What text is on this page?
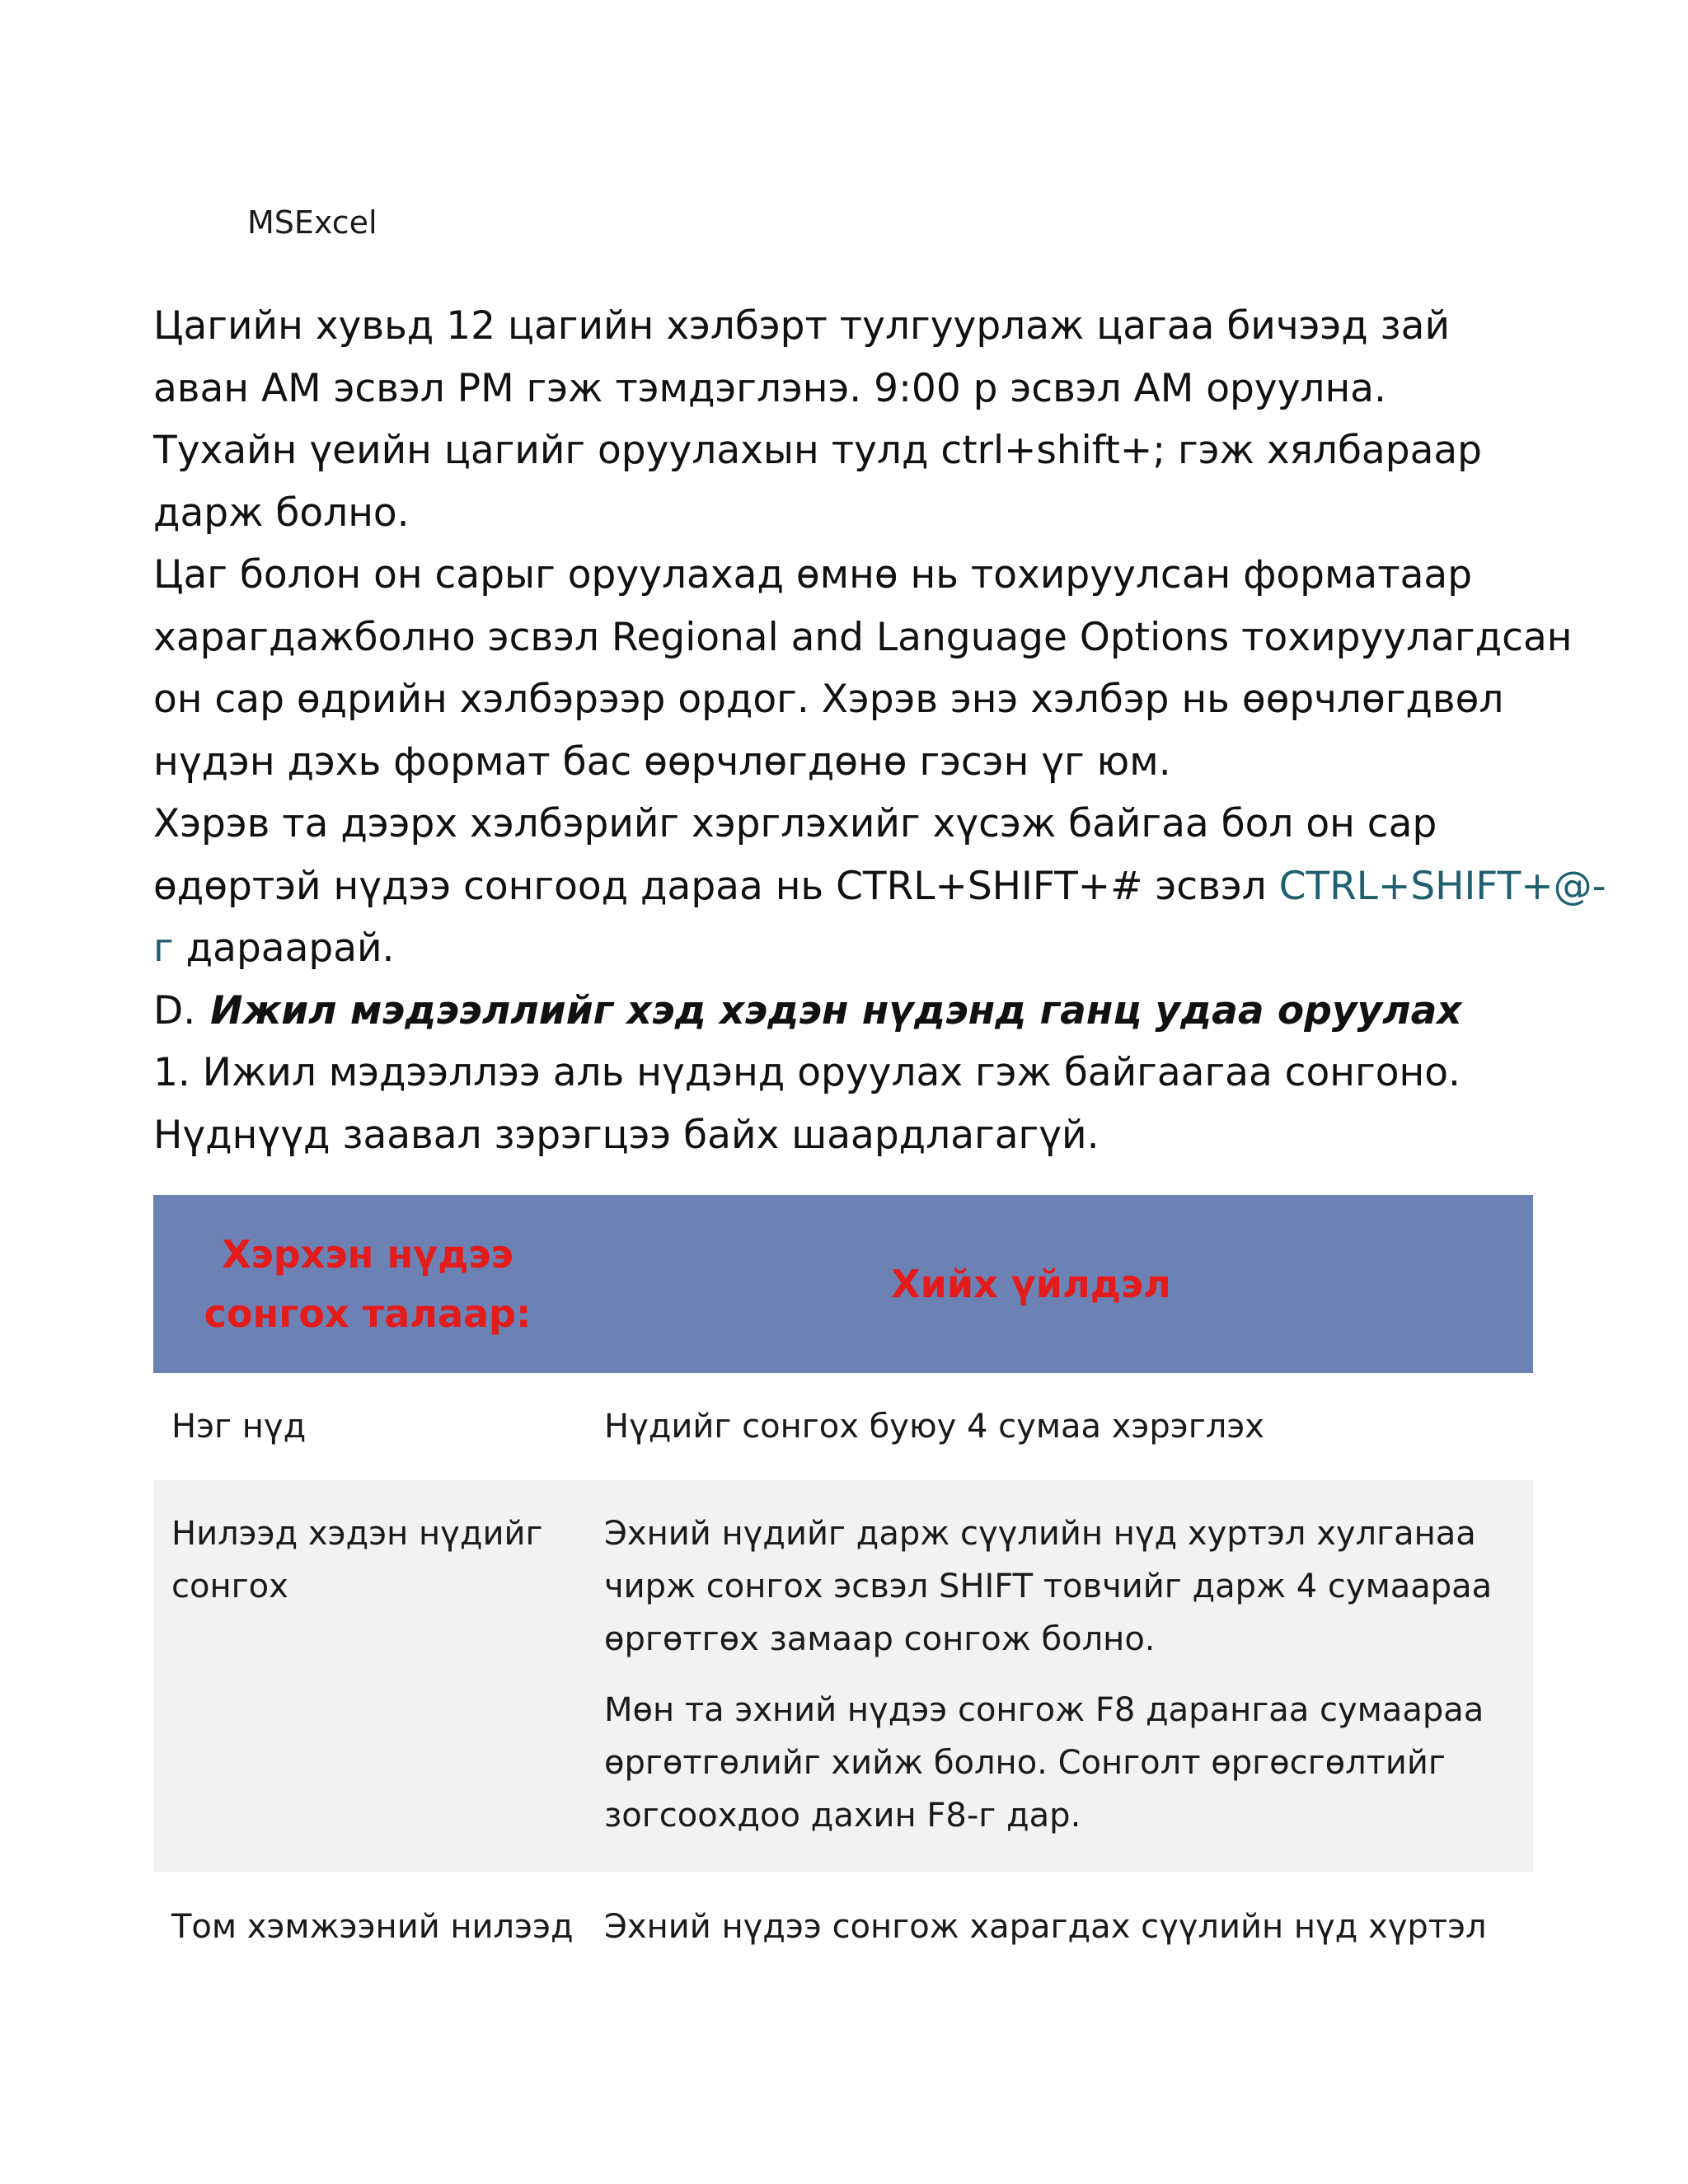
MSExcel

Цагийн хувьд 12 цагийн хэлбэрт тулгуурлаж цагаа бичээд зай

аван AM эсвэл PM гэж тэмдэглэнэ. 9:00 p эсвэл AM оруулна.

Тухайн үеийн цагийг оруулахын тулд ctrl+shift+; гэж хялбараар

дарж болно.

Цаг болон он сарыг оруулахад өмнө нь тохируулсан форматаар

харагдажболно эсвэл Regional and Language Options тохируулагдсан

он сар өдрийн хэлбэрээр ордог. Хэрэв энэ хэлбэр нь өөрчлөгдвөл

нүдэн дэхь формат бас өөрчлөгдөнө гэсэн үг юм.

Хэрэв та дээрх хэлбэрийг хэрглэхийг хүсэж байгаа бол он сар

өдөртэй нүдээ сонгоод дараа нь CTRL+SHIFT+# эсвэл CTRL+SHIFT+@-

г дараарай.

D. Ижил мэдээллийг хэд хэдэн нүдэнд ганц удаа оруулах

1. Ижил мэдээллээ аль нүдэнд оруулах гэж байгаагаа сонгоно.

Нүднүүд заавал зэрэгцээ байх шаардлагагүй.

Хэрхэн нүдээ
сонгох талаар:
Хийх үйлдэл
Нэг нүд	Нүдийг сонгох буюу 4 сумаа хэрэглэх

Нилээд хэдэн нүдийг сонгох

Эхний нүдийг дарж сүүлийн нүд хуртэл хулганаа чирж сонгох эсвэл SHIFT товчийг дарж 4 сумаараа өргөтгөх замаар сонгож болно.

Мөн та эхний нүдээ сонгож F8 дарангаа сумаараа өргөтгөлийг хийж болно. Сонголт өргөсгөлтийг зогсоохдоо дахин F8-г дар.

Том хэмжээний нилээд Эхний нүдээ сонгож харагдах сүүлийн нүд хүртэл
